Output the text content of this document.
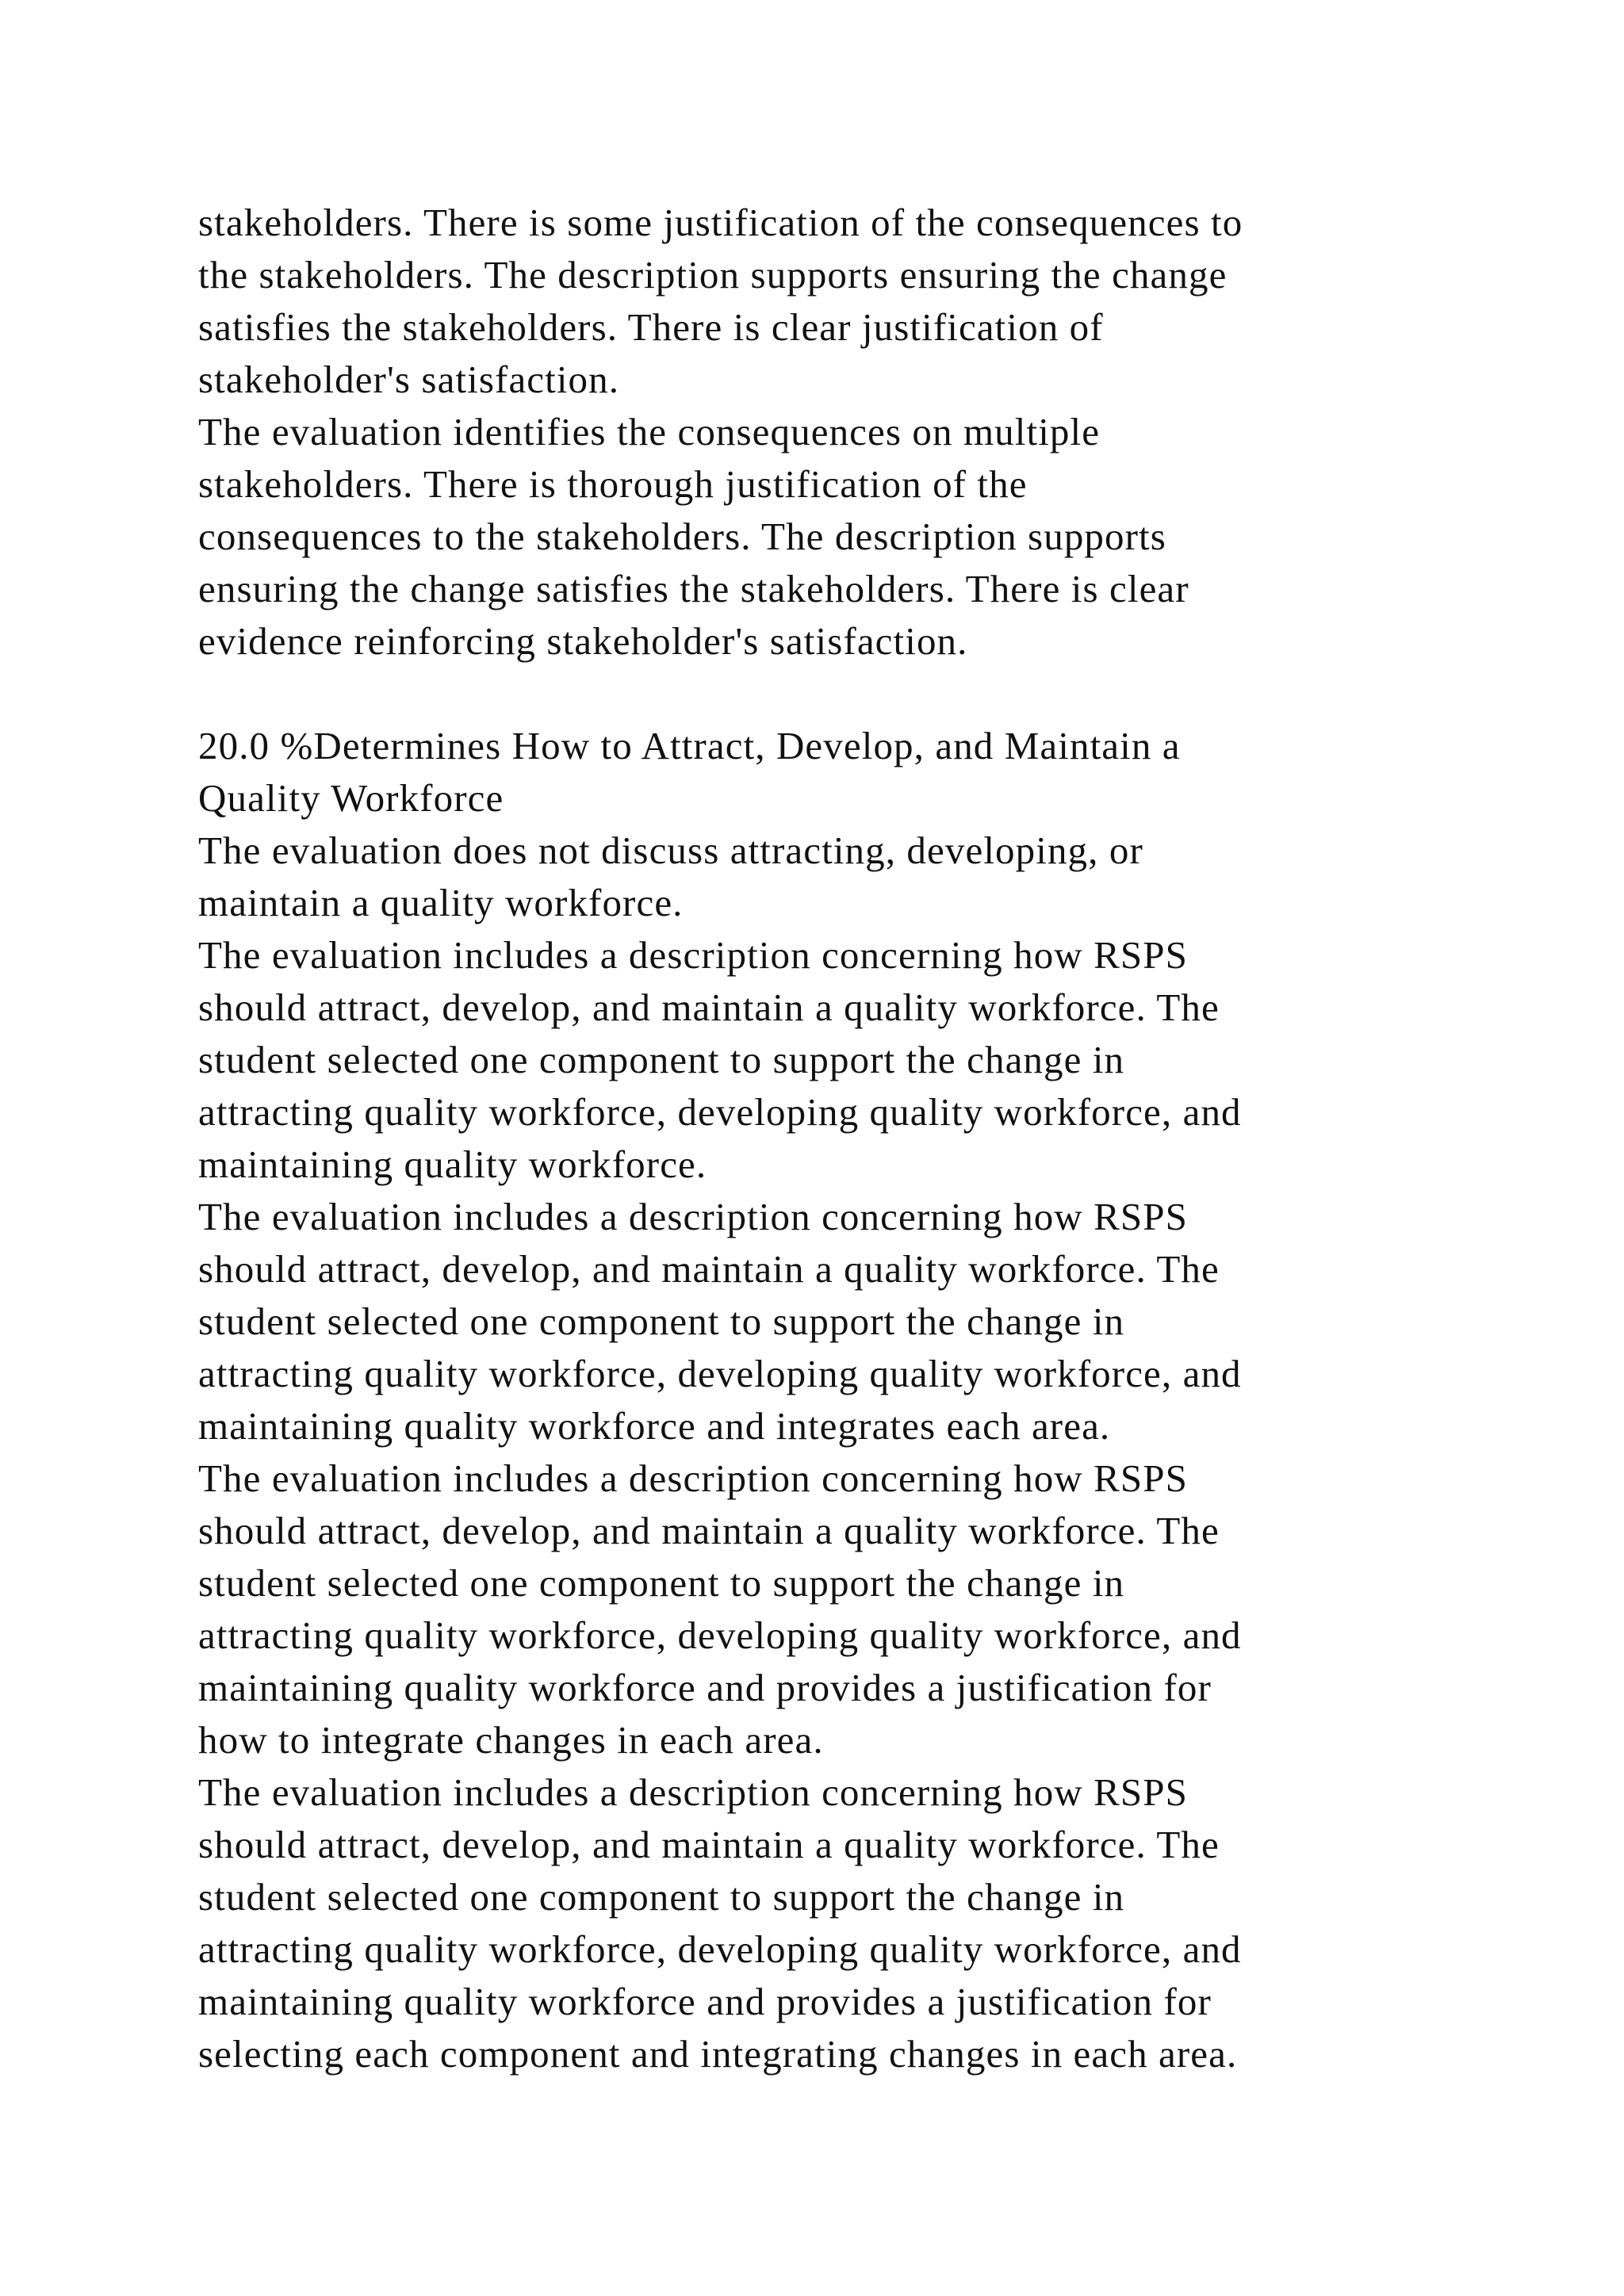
stakeholders. There is some justification of the consequences to
the stakeholders. The description supports ensuring the change
satisfies the stakeholders. There is clear justification of
stakeholder's satisfaction.
The evaluation identifies the consequences on multiple
stakeholders. There is thorough justification of the
consequences to the stakeholders. The description supports
ensuring the change satisfies the stakeholders. There is clear
evidence reinforcing stakeholder's satisfaction.
20.0 %Determines How to Attract, Develop, and Maintain a
Quality Workforce
The evaluation does not discuss attracting, developing, or
maintain a quality workforce.
The evaluation includes a description concerning how RSPS
should attract, develop, and maintain a quality workforce. The
student selected one component to support the change in
attracting quality workforce, developing quality workforce, and
maintaining quality workforce.
The evaluation includes a description concerning how RSPS
should attract, develop, and maintain a quality workforce. The
student selected one component to support the change in
attracting quality workforce, developing quality workforce, and
maintaining quality workforce and integrates each area.
The evaluation includes a description concerning how RSPS
should attract, develop, and maintain a quality workforce. The
student selected one component to support the change in
attracting quality workforce, developing quality workforce, and
maintaining quality workforce and provides a justification for
how to integrate changes in each area.
The evaluation includes a description concerning how RSPS
should attract, develop, and maintain a quality workforce. The
student selected one component to support the change in
attracting quality workforce, developing quality workforce, and
maintaining quality workforce and provides a justification for
selecting each component and integrating changes in each area.
